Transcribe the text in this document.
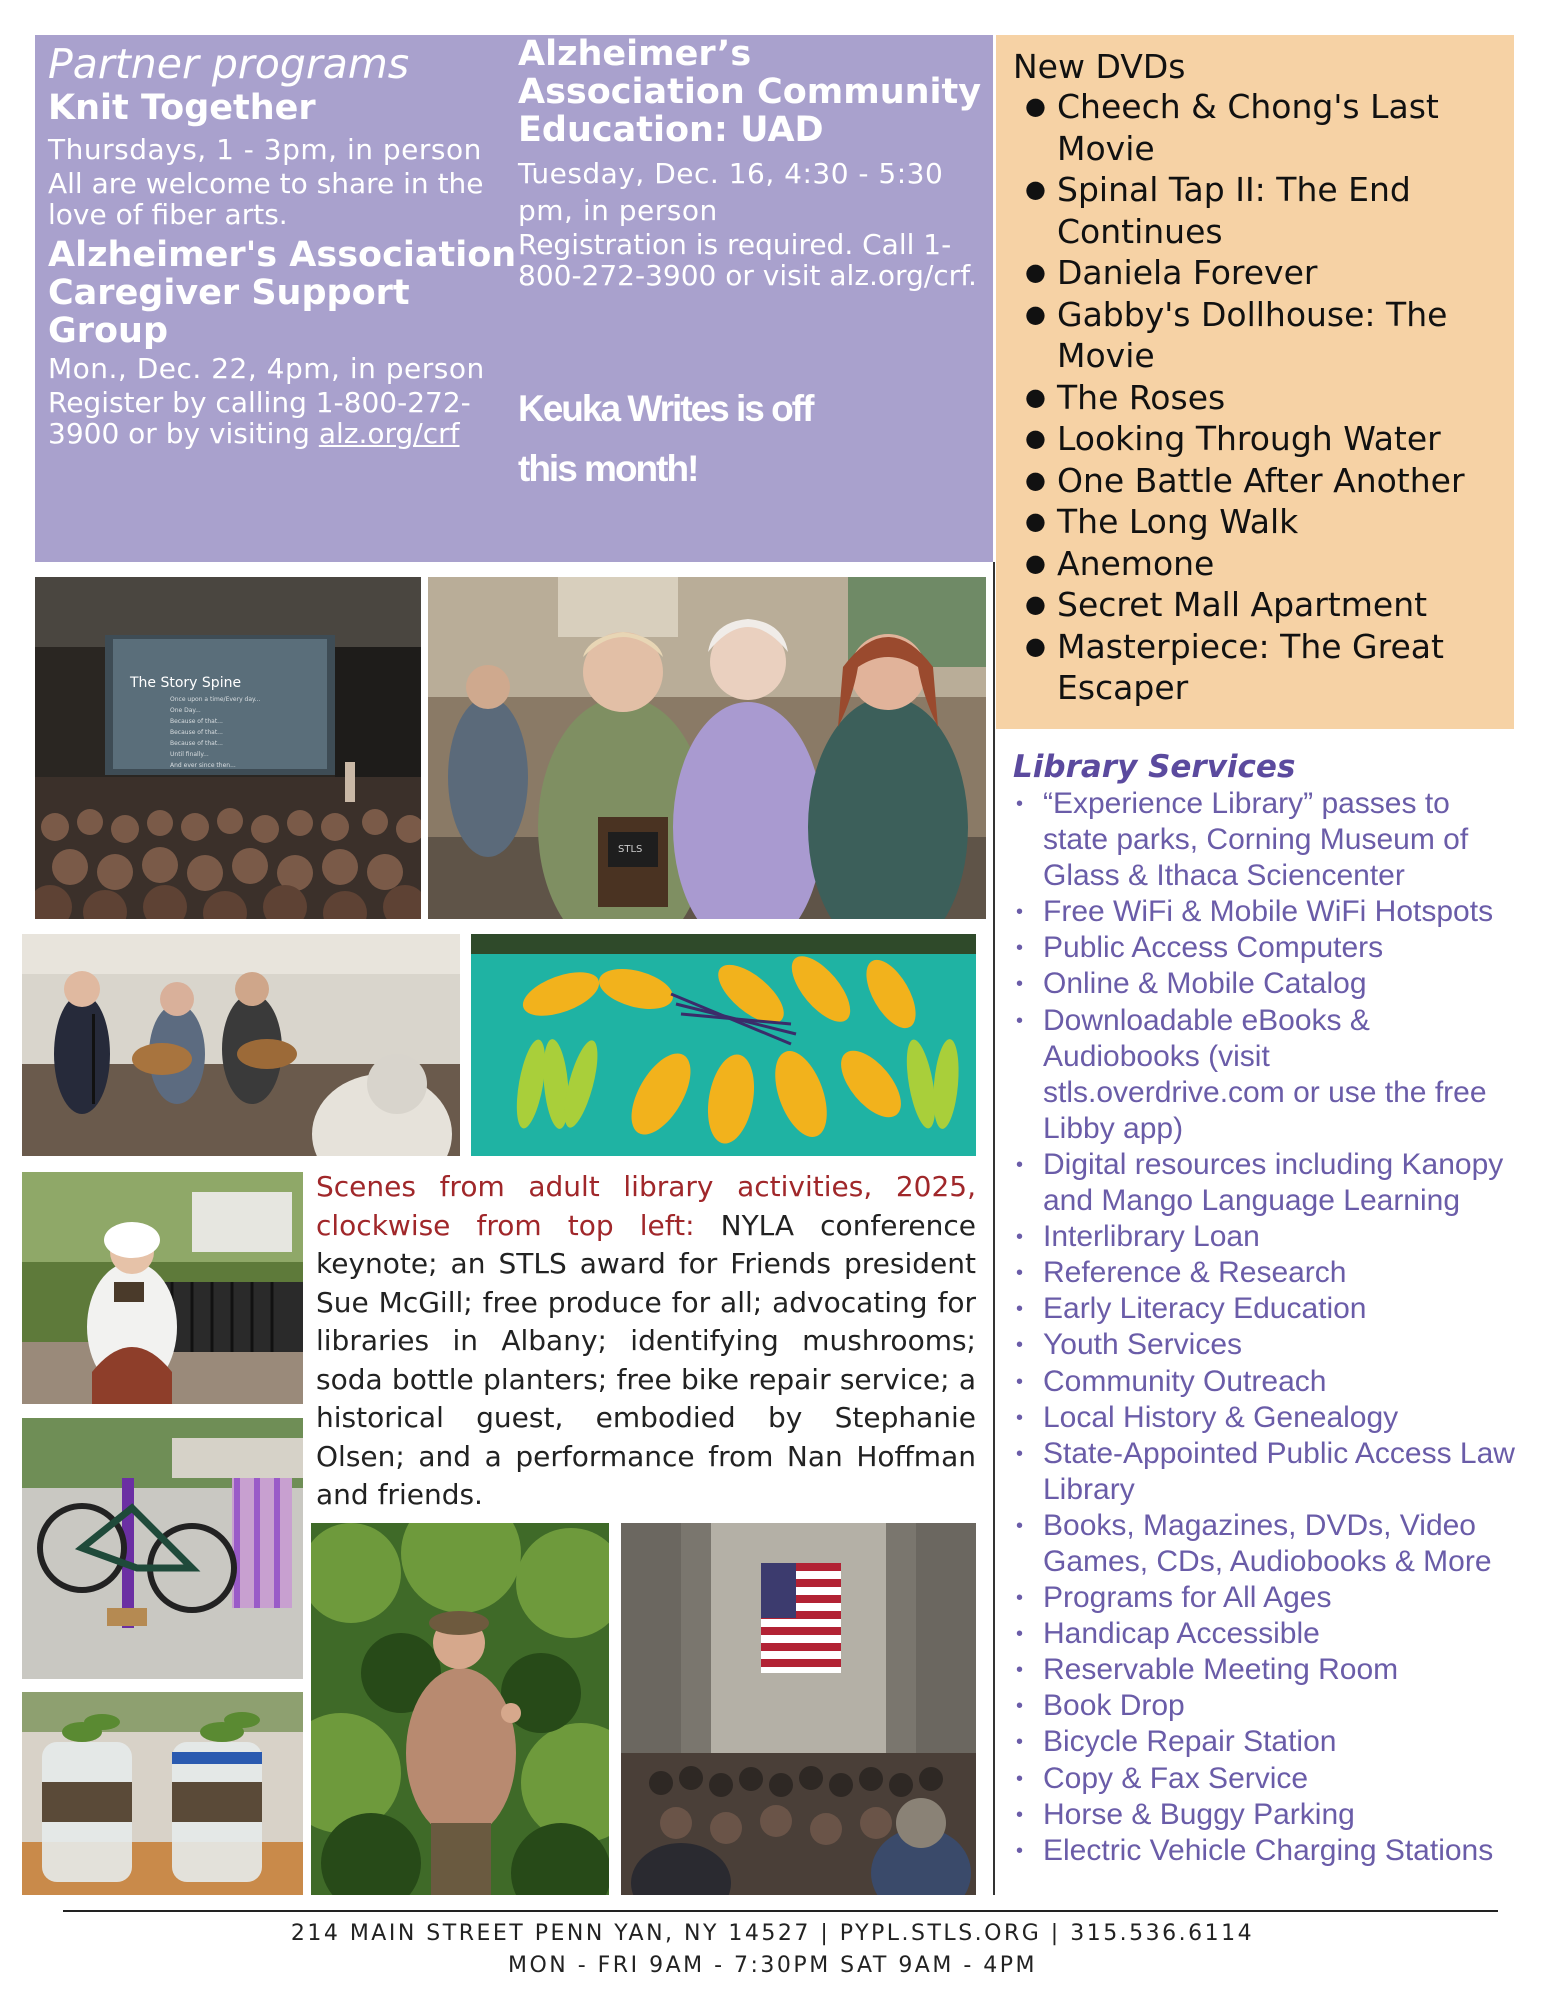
Partner programs
Knit Together
Thursdays, 1 - 3pm, in person
All are welcome to share in the love of fiber arts.
Alzheimer's Association Caregiver Support Group
Mon., Dec. 22, 4pm, in person
Register by calling 1-800-272-3900 or by visiting alz.org/crf
Alzheimer’s Association Community Education: UAD
Tuesday, Dec. 16, 4:30 - 5:30 pm, in person
Registration is required. Call 1-800-272-3900 or visit alz.org/crf.
Keuka Writes is off
this month!
New DVDs
● Cheech & Chong's Last Movie
● Spinal Tap II: The End Continues
● Daniela Forever
● Gabby's Dollhouse: The Movie
● The Roses
● Looking Through Water
● One Battle After Another
● The Long Walk
● Anemone
● Secret Mall Apartment
● Masterpiece: The Great Escaper
Library Services
• “Experience Library” passes to state parks, Corning Museum of Glass & Ithaca Sciencenter
• Free WiFi & Mobile WiFi Hotspots
• Public Access Computers
• Online & Mobile Catalog
• Downloadable eBooks & Audiobooks (visit stls.overdrive.com or use the free Libby app)
• Digital resources including Kanopy and Mango Language Learning
• Interlibrary Loan
• Reference & Research
• Early Literacy Education
• Youth Services
• Community Outreach
• Local History & Genealogy
• State-Appointed Public Access Law Library
• Books, Magazines, DVDs, Video Games, CDs, Audiobooks & More
• Programs for All Ages
• Handicap Accessible
• Reservable Meeting Room
• Book Drop
• Bicycle Repair Station
• Copy & Fax Service
• Horse & Buggy Parking
• Electric Vehicle Charging Stations
The Story Spine
Once upon a time/Every day...
One Day...
Because of that...
Because of that...
Because of that...
Until finally...
And ever since then...
STLS

Scenes from adult library activities, 2025, clockwise from top left: NYLA conference keynote; an STLS award for Friends president Sue McGill; free produce for all; advocating for libraries in Albany; identifying mushrooms; soda bottle planters; free bike repair service; a historical guest, embodied by Stephanie Olsen; and a performance from Nan Hoffman and friends.

214 MAIN STREET PENN YAN, NY 14527 | PYPL.STLS.ORG | 315.536.6114
MON - FRI 9AM - 7:30PM SAT 9AM - 4PM
